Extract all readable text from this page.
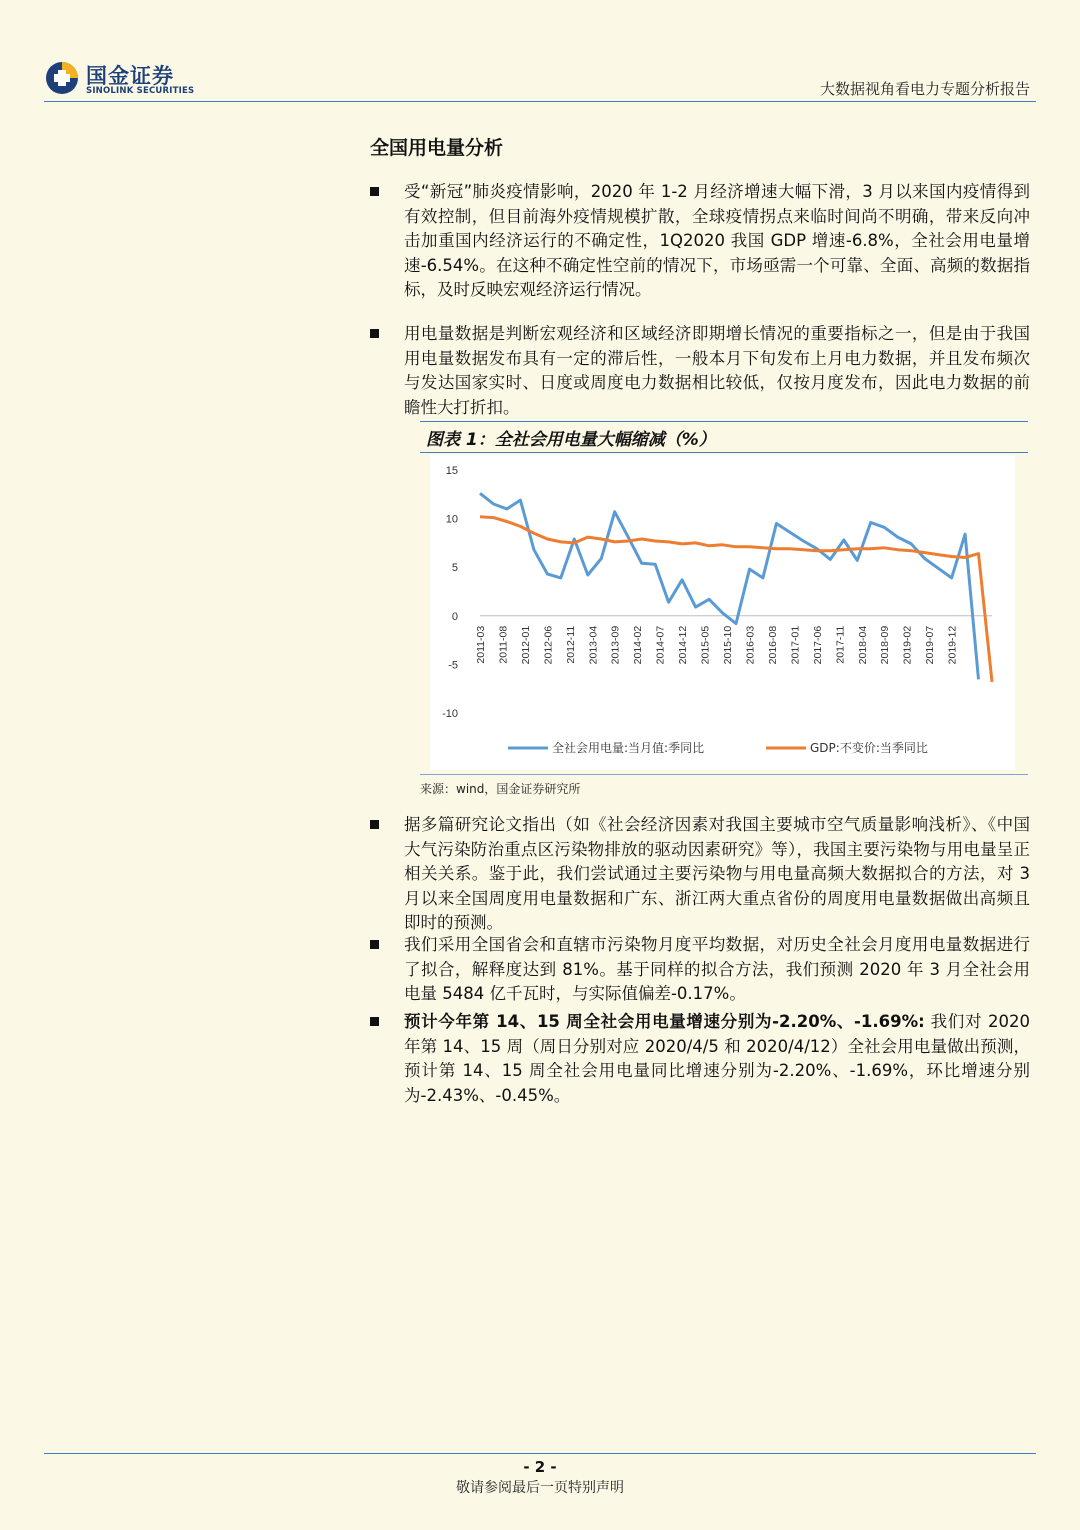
国金证券
SINOLINK SECURITIES	大数据视角看电力专题分析报告
全国用电量分析
受“新冠”肺炎疫情影响，2020 年 1-2 月经济增速大幅下滑，3 月以来国内疫情得到有效控制，但目前海外疫情规模扩散，全球疫情拐点来临时间尚不明确，带来反向冲击加重国内经济运行的不确定性，1Q2020 我国 GDP 增速-6.8%，全社会用电量增速-6.54%。在这种不确定性空前的情况下，市场亟需一个可靠、全面、高频的数据指标，及时反映宏观经济运行情况。
用电量数据是判断宏观经济和区域经济即期增长情况的重要指标之一，但是由于我国用电量数据发布具有一定的滞后性，一般本月下旬发布上月电力数据，并且发布频次与发达国家实时、日度或周度电力数据相比较低，仅按月度发布，因此电力数据的前瞻性大打折扣。
图表 1：全社会用电量大幅缩减（%）
-10
-5
0
5
10
15
2011-03 2011-08 2012-01 2012-06 2012-11 2013-04 2013-09 2014-02 2014-07 2014-12 2015-05 2015-10 2016-03 2016-08 2017-01 2017-06 2017-11 2018-04 2018-09 2019-02 2019-07 2019-12
全社会用电量:当月值:季同比	GDP:不变价:当季同比
来源：wind，国金证券研究所
据多篇研究论文指出（如《社会经济因素对我国主要城市空气质量影响浅析》、《中国大气污染防治重点区污染物排放的驱动因素研究》等），我国主要污染物与用电量呈正相关关系。鉴于此，我们尝试通过主要污染物与用电量高频大数据拟合的方法，对 3 月以来全国周度用电量数据和广东、浙江两大重点省份的周度用电量数据做出高频且即时的预测。
我们采用全国省会和直辖市污染物月度平均数据，对历史全社会月度用电量数据进行了拟合，解释度达到 81%。基于同样的拟合方法，我们预测 2020 年 3 月全社会用电量 5484 亿千瓦时，与实际值偏差-0.17%。
预计今年第 14、15 周全社会用电量增速分别为-2.20%、-1.69%: 我们对 2020 年第 14、15 周（周日分别对应 2020/4/5 和 2020/4/12）全社会用电量做出预测，预计第 14、15 周全社会用电量同比增速分别为-2.20%、-1.69%，环比增速分别为-2.43%、-0.45%。
- 2 -
敬请参阅最后一页特别声明
